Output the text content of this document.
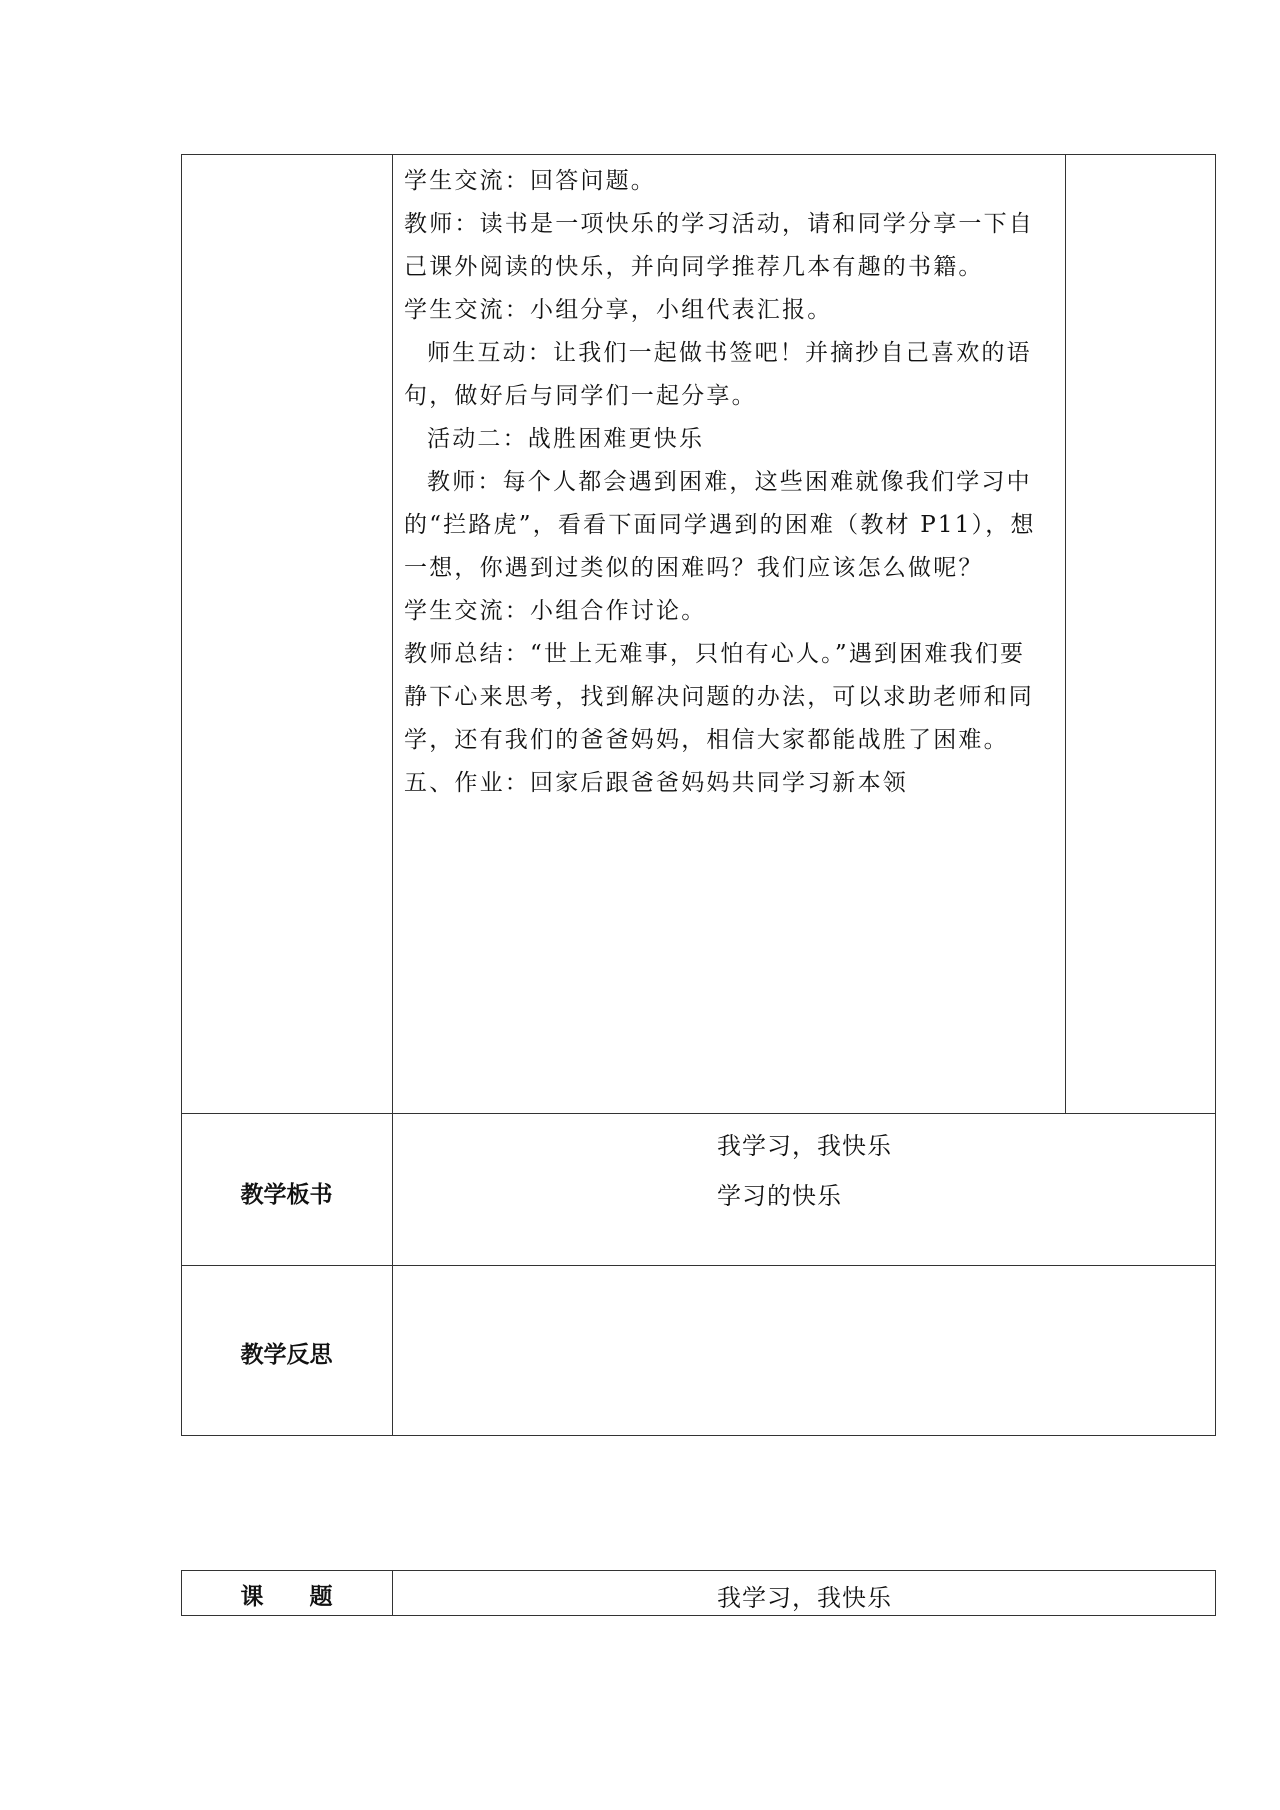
学生交流：回答问题。
教师：读书是一项快乐的学习活动，请和同学分享一下自
己课外阅读的快乐，并向同学推荐几本有趣的书籍。
学生交流：小组分享，小组代表汇报。
师生互动：让我们一起做书签吧！并摘抄自己喜欢的语
句，做好后与同学们一起分享。
活动二：战胜困难更快乐
教师：每个人都会遇到困难，这些困难就像我们学习中
的“拦路虎”，看看下面同学遇到的困难（教材 P11），想
一想，你遇到过类似的困难吗？我们应该怎么做呢？
学生交流：小组合作讨论。
教师总结：“世上无难事，只怕有心人。”遇到困难我们要
静下心来思考，找到解决问题的办法，可以求助老师和同
学，还有我们的爸爸妈妈，相信大家都能战胜了困难。
五、作业：回家后跟爸爸妈妈共同学习新本领
教学板书
我学习，我快乐
学习的快乐
教学反思
课　　题	我学习，我快乐
